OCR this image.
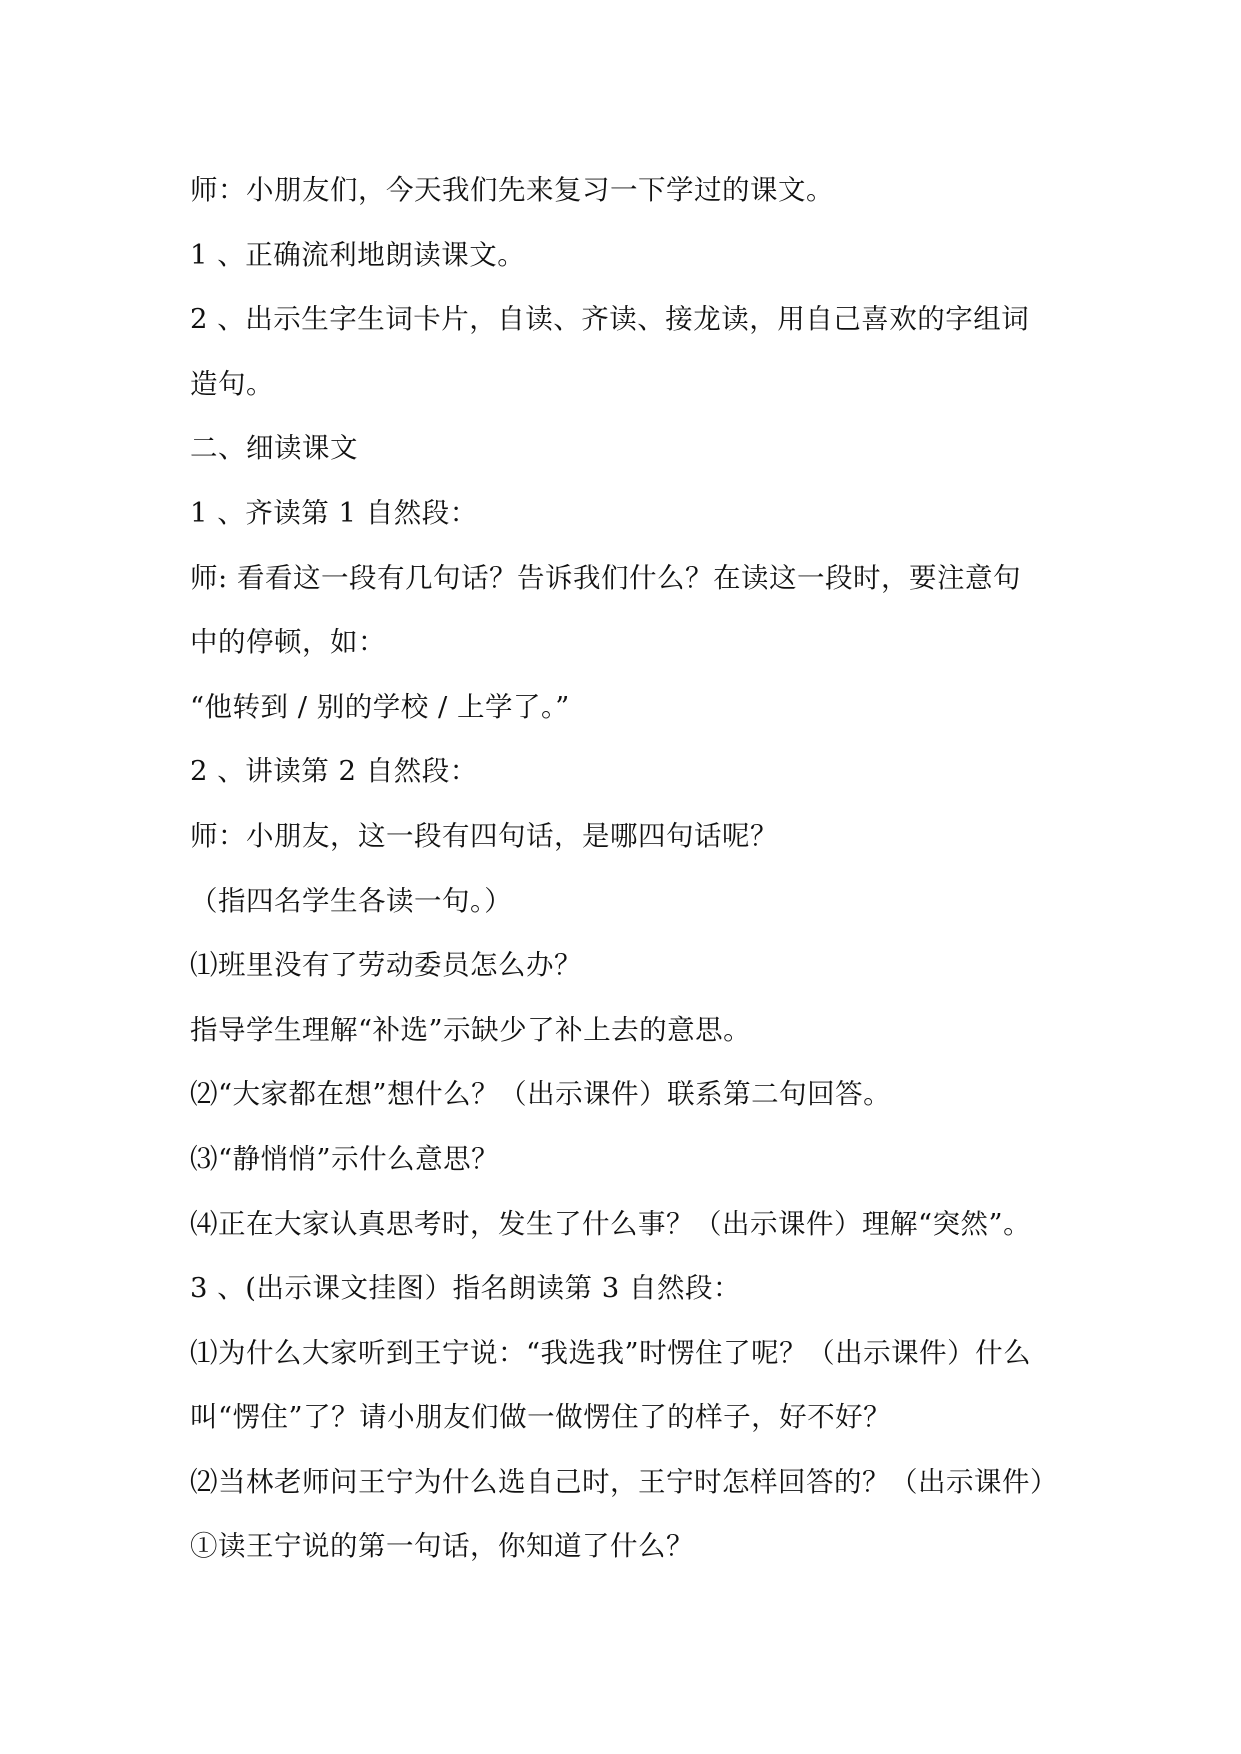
师：小朋友们，今天我们先来复习一下学过的课文。
1 、正确流利地朗读课文。
2 、出示生字生词卡片，自读、齐读、接龙读，用自己喜欢的字组词
造句。
二、细读课文
1 、齐读第 1 自然段：
师: 看看这一段有几句话？告诉我们什么？在读这一段时，要注意句
中的停顿，如：
“他转到 / 别的学校 / 上学了。”
2 、讲读第 2 自然段：
师：小朋友，这一段有四句话，是哪四句话呢？
（指四名学生各读一句。）
⑴班里没有了劳动委员怎么办？
指导学生理解“补选”示缺少了补上去的意思。
⑵“大家都在想”想什么？（出示课件）联系第二句回答。
⑶“静悄悄”示什么意思？
⑷正在大家认真思考时，发生了什么事？（出示课件）理解“突然”。
3 、(出示课文挂图）指名朗读第 3 自然段：
⑴为什么大家听到王宁说：“我选我”时愣住了呢？（出示课件）什么
叫“愣住”了？请小朋友们做一做愣住了的样子，好不好？
⑵当林老师问王宁为什么选自己时，王宁时怎样回答的？（出示课件）
①读王宁说的第一句话，你知道了什么？
